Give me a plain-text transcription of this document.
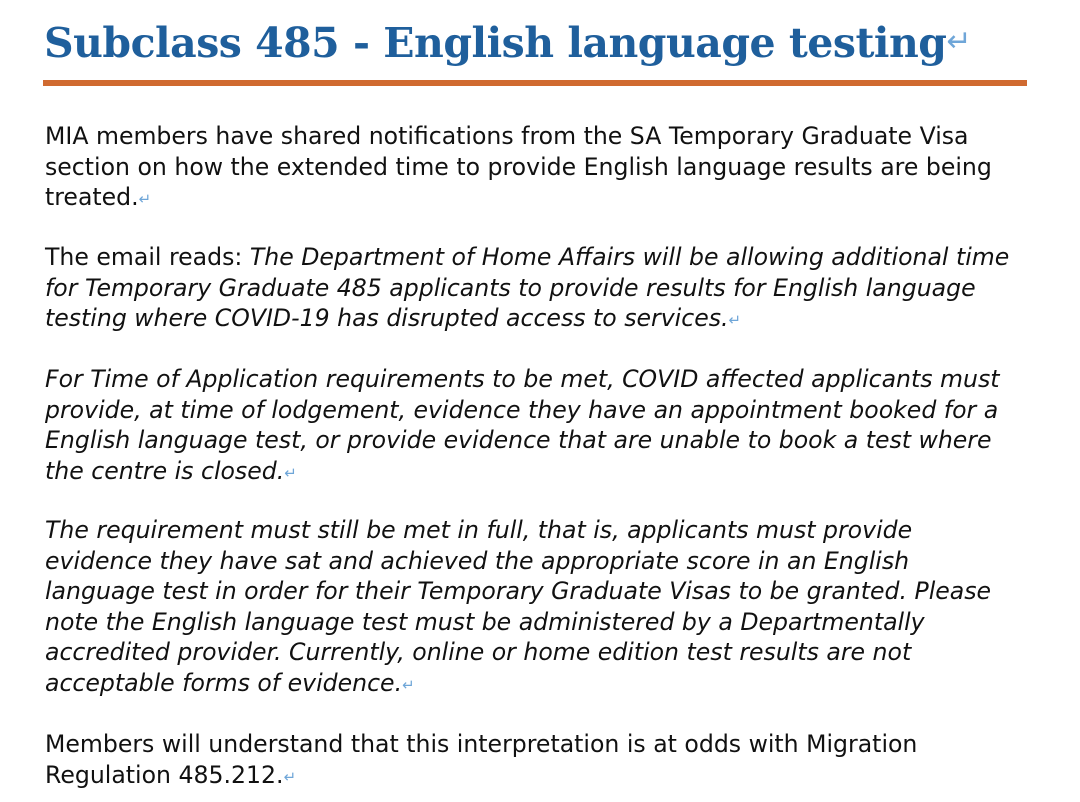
Subclass 485 - English language testing↵

MIA members have shared notifications from the SA Temporary Graduate Visa section on how the extended time to provide English language results are being treated.↵

The email reads: The Department of Home Affairs will be allowing additional time for Temporary Graduate 485 applicants to provide results for English language testing where COVID-19 has disrupted access to services.↵

For Time of Application requirements to be met, COVID affected applicants must provide, at time of lodgement, evidence they have an appointment booked for a English language test, or provide evidence that are unable to book a test where the centre is closed.↵

The requirement must still be met in full, that is, applicants must provide evidence they have sat and achieved the appropriate score in an English language test in order for their Temporary Graduate Visas to be granted. Please note the English language test must be administered by a Departmentally accredited provider. Currently, online or home edition test results are not acceptable forms of evidence.↵

Members will understand that this interpretation is at odds with Migration Regulation 485.212.↵
